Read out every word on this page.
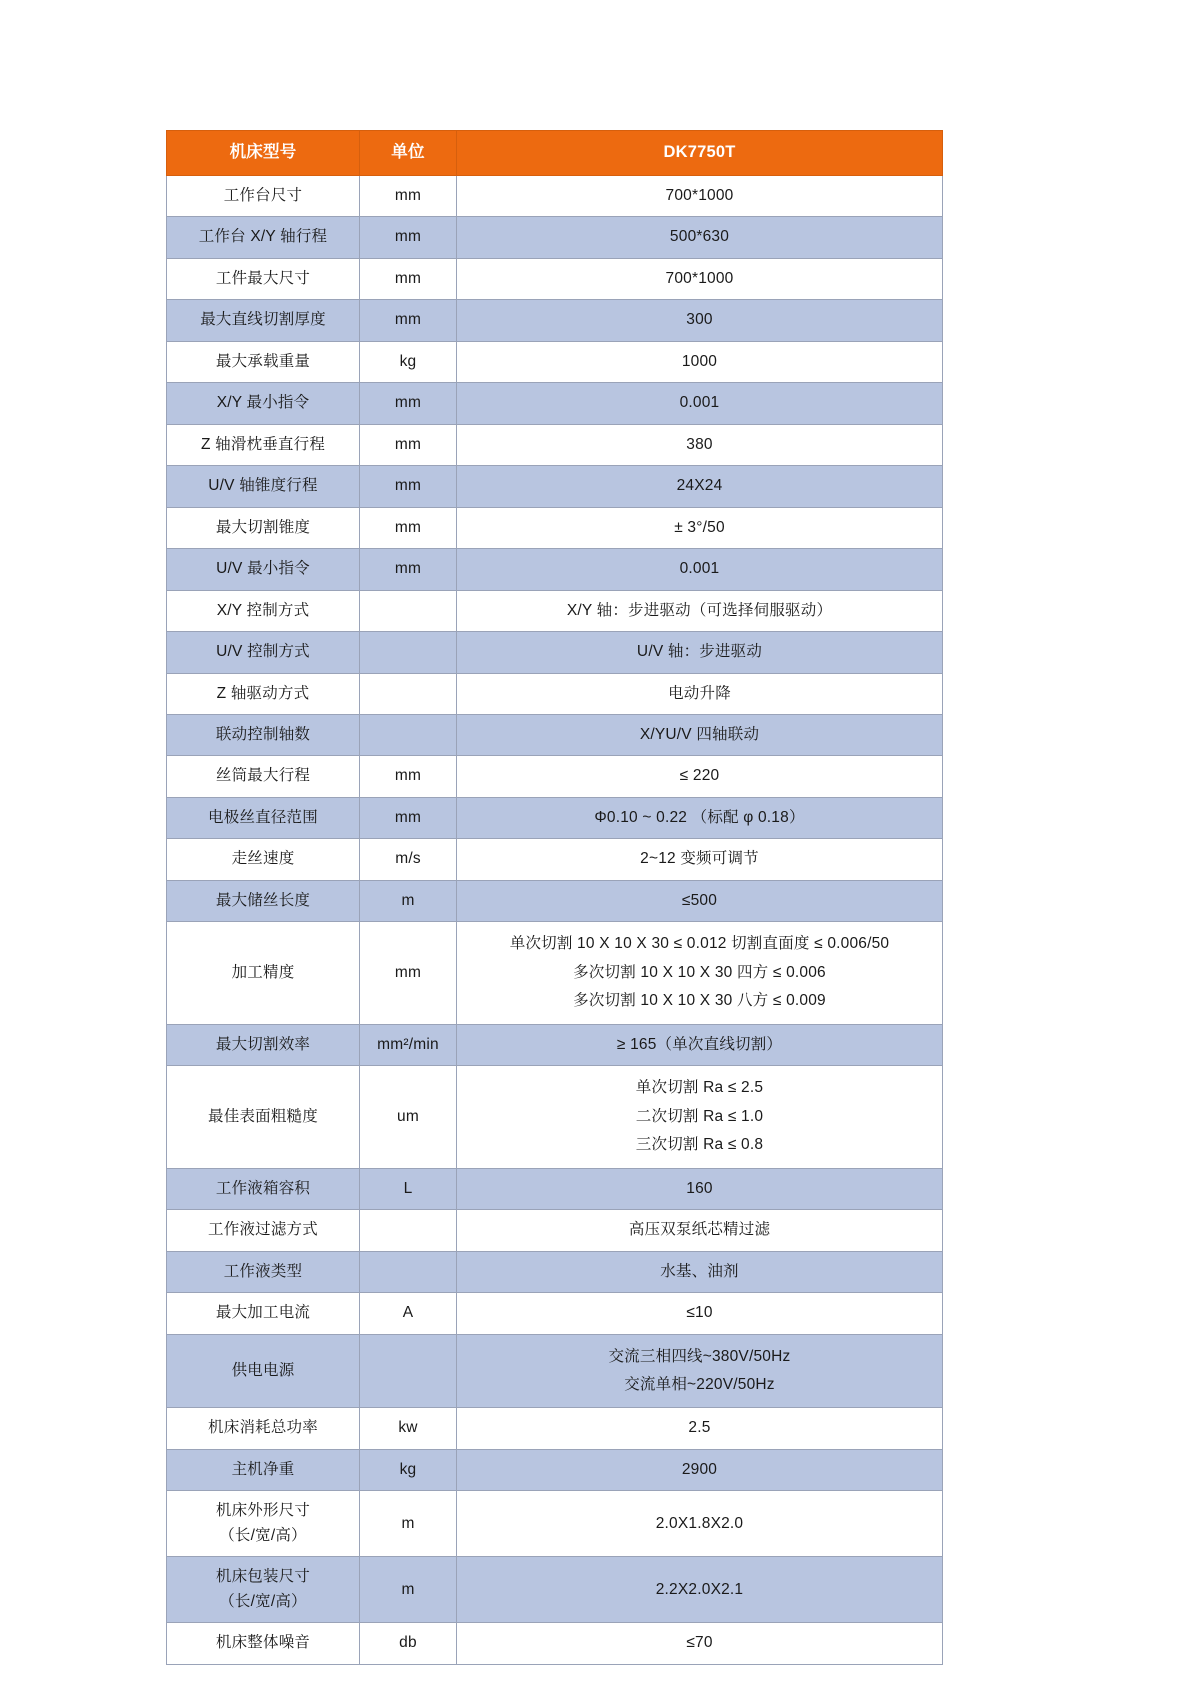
机床型号	单位	DK7750T

工作台尺寸	mm	700*1000

工作台 X/Y 轴行程	mm	500*630

工件最大尺寸	mm	700*1000

最大直线切割厚度	mm	300

最大承载重量	kg	1000

X/Y 最小指令	mm	0.001

Z 轴滑枕垂直行程	mm	380

U/V 轴锥度行程	mm	24X24

最大切割锥度	mm	± 3°/50

U/V 最小指令	mm	0.001

X/Y 控制方式		X/Y 轴：步进驱动（可选择伺服驱动）

U/V 控制方式		U/V 轴：步进驱动

Z 轴驱动方式		电动升降

联动控制轴数		X/YU/V 四轴联动

丝筒最大行程	mm	≤ 220

电极丝直径范围	mm	Φ0.10 ~ 0.22 （标配 φ 0.18）

走丝速度	m/s	2~12 变频可调节

最大储丝长度	m	≤500

加工精度	mm	单次切割 10 X 10 X 30 ≤ 0.012 切割直面度 ≤ 0.006/50
多次切割 10 X 10 X 30 四方 ≤ 0.006
多次切割 10 X 10 X 30 八方 ≤ 0.009

最大切割效率	mm²/min	≥ 165（单次直线切割）

最佳表面粗糙度	um	单次切割 Ra ≤ 2.5
二次切割 Ra ≤ 1.0
三次切割 Ra ≤ 0.8

工作液箱容积	L	160

工作液过滤方式		高压双泵纸芯精过滤

工作液类型		水基、油剂

最大加工电流	A	≤10

供电电源		交流三相四线~380V/50Hz
交流单相~220V/50Hz

机床消耗总功率	kw	2.5

主机净重	kg	2900

机床外形尺寸
（长/宽/高）	m	2.0X1.8X2.0

机床包装尺寸
（长/宽/高）	m	2.2X2.0X2.1

机床整体噪音	db	≤70
